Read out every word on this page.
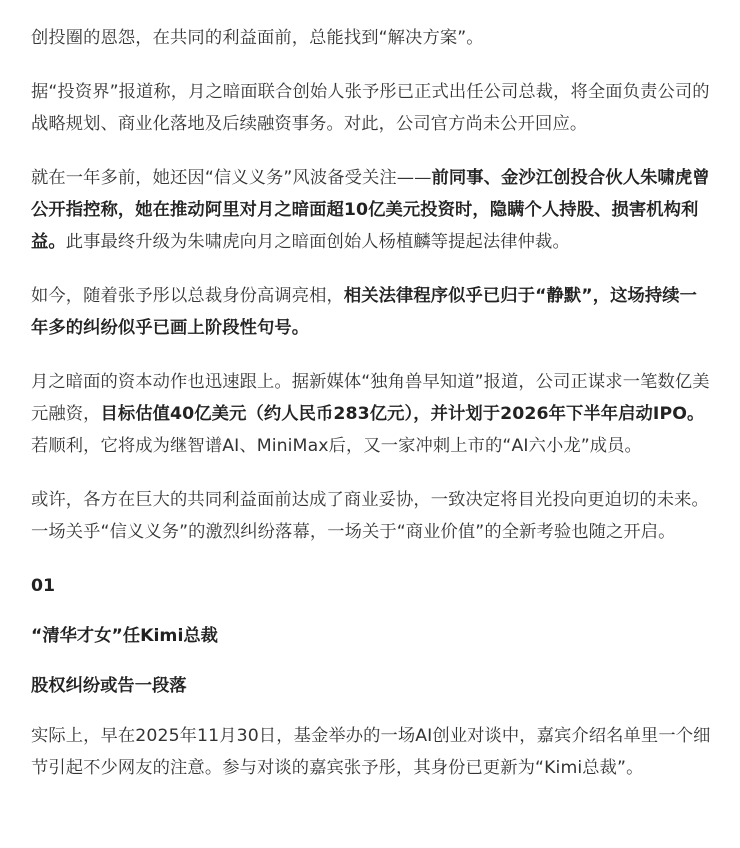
创投圈的恩怨，在共同的利益面前，总能找到“解决方案”。

据“投资界”报道称，月之暗面联合创始人张予彤已正式出任公司总裁，将全面负责公司的战略规划、商业化落地及后续融资事务。对此，公司官方尚未公开回应。

就在一年多前，她还因“信义义务”风波备受关注——前同事、金沙江创投合伙人朱啸虎曾公开指控称，她在推动阿里对月之暗面超10亿美元投资时，隐瞒个人持股、损害机构利益。此事最终升级为朱啸虎向月之暗面创始人杨植麟等提起法律仲裁。

如今，随着张予彤以总裁身份高调亮相，相关法律程序似乎已归于“静默”，这场持续一年多的纠纷似乎已画上阶段性句号。

月之暗面的资本动作也迅速跟上。据新媒体“独角兽早知道”报道，公司正谋求一笔数亿美元融资，目标估值40亿美元（约人民币283亿元），并计划于2026年下半年启动IPO。若顺利，它将成为继智谱AI、MiniMax后，又一家冲刺上市的“AI六小龙”成员。

或许，各方在巨大的共同利益面前达成了商业妥协，一致决定将目光投向更迫切的未来。一场关乎“信义义务”的激烈纠纷落幕，一场关于“商业价值”的全新考验也随之开启。

01
“清华才女”任Kimi总裁
股权纠纷或告一段落

实际上，早在2025年11月30日，基金举办的一场AI创业对谈中，嘉宾介绍名单里一个细节引起不少网友的注意。参与对谈的嘉宾张予彤，其身份已更新为“Kimi总裁”。
